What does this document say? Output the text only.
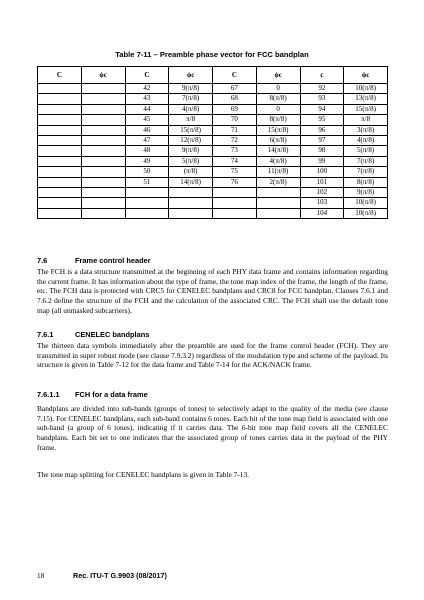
Table 7-11 – Preamble phase vector for FCC bandplan
C	ϕc	C	ϕc	C	ϕc	c	ϕc
		42	9(π/8)	67	0	92	10(π/8)
		43	7(π/8)	68	8(π/8)	93	13(π/8)
		44	4(π/8)	69	0	94	15(π/8)
		45	π/8	70	8(π/8)	95	π/8
		46	15(π/8)	71	15(π/8)	96	3(π/8)
		47	12(π/8)	72	6(π/8)	97	4(π/8)
		48	9(π/8)	73	14(π/8)	98	5(π/8)
		49	5(π/8)	74	4(π/8)	99	7(π/8)
		50	(π/8)	75	11(π/8)	100	7(π/8)
		51	14(π/8)	76	2(π/8)	101	8(π/8)
						102	9(π/8)
						103	10(π/8)
						104	10(π/8)
7.6	Frame control header
The FCH is a data structure transmitted at the beginning of each PHY data frame and contains information regarding the current frame. It has information about the type of frame, the tone map index of the frame, the length of the frame, etc. The FCH data is protected with CRC5 for CENELEC bandplans and CRC8 for FCC bandplan. Clauses 7.6.1 and 7.6.2 define the structure of the FCH and the calculation of the associated CRC. The FCH shall use the default tone map (all unmasked subcarriers).
7.6.1	CENELEC bandplans
The thirteen data symbols immediately after the preamble are used for the frame control header (FCH). They are transmitted in super robust mode (see clause 7.9.3.2) regardless of the modulation type and scheme of the payload. Its structure is given in Table 7-12 for the data frame and Table 7-14 for the ACK/NACK frame.
7.6.1.1 FCH for a data frame
Bandplans are divided into sub-bands (groups of tones) to selectively adapt to the quality of the media (see clause 7.15). For CENELEC bandplans, each sub-band contains 6 tones. Each bit of the tone map field is associated with one sub-band (a group of 6 tones), indicating if it carries data. The 6-bit tone map field covers all the CENELEC bandplans. Each bit set to one indicates that the associated group of tones carries data in the payload of the PHY frame.
The tone map splitting for CENELEC bandplans is given in Table 7-13.
18	Rec. ITU-T G.9903 (08/2017)
